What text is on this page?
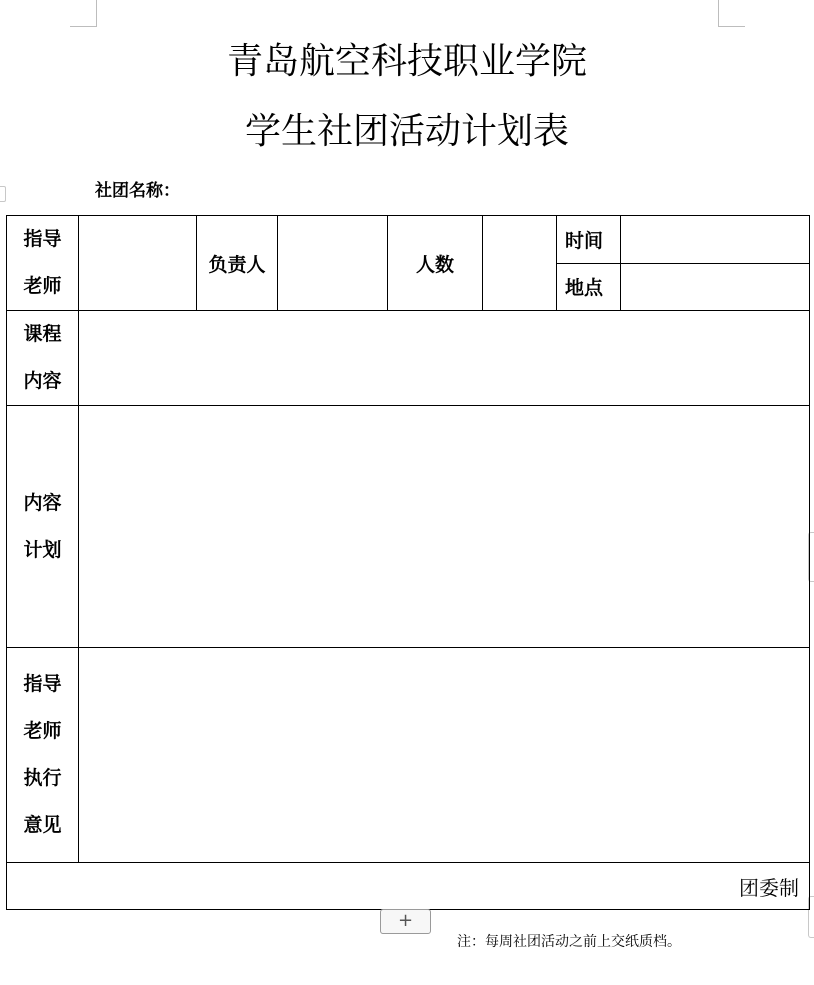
青岛航空科技职业学院
学生社团活动计划表
社团名称：
指导老师		负责人		人数		时间	

						地点	

课程内容							

内容计划							

指导老师执行意见							

团委制							
+
注：每周社团活动之前上交纸质档。
